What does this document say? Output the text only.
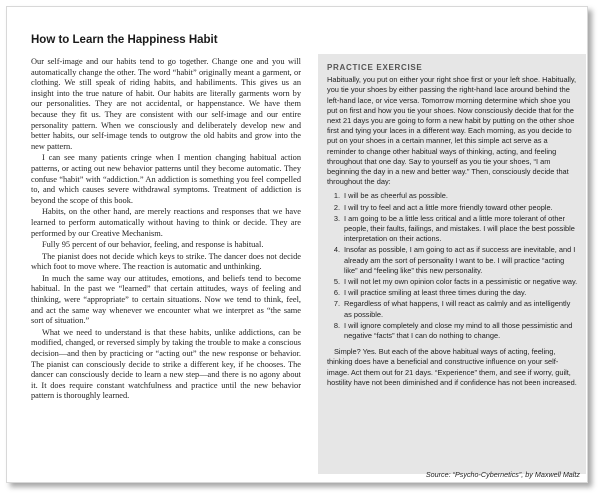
How to Learn the Happiness Habit

Our self-image and our habits tend to go together. Change one and you will automatically change the other. The word “habit” originally meant a garment, or clothing. We still speak of riding habits, and habiliments. This gives us an insight into the true nature of habit. Our habits are literally garments worn by our personalities. They are not accidental, or happenstance. We have them because they fit us. They are consistent with our self-image and our entire personality pattern. When we consciously and deliberately develop new and better habits, our self-image tends to outgrow the old habits and grow into the new pattern.

I can see many patients cringe when I mention changing habitual action patterns, or acting out new behavior patterns until they become automatic. They confuse “habit” with “addiction.” An addiction is something you feel compelled to, and which causes severe withdrawal symptoms. Treatment of addiction is beyond the scope of this book.

Habits, on the other hand, are merely reactions and responses that we have learned to perform automatically without having to think or decide. They are performed by our Creative Mechanism.

Fully 95 percent of our behavior, feeling, and response is habitual.

The pianist does not decide which keys to strike. The dancer does not decide which foot to move where. The reaction is automatic and unthinking.

In much the same way our attitudes, emotions, and beliefs tend to become habitual. In the past we “learned” that certain attitudes, ways of feeling and thinking, were “appropriate” to certain situations. Now we tend to think, feel, and act the same way whenever we encounter what we interpret as “the same sort of situation.”

What we need to understand is that these habits, unlike addictions, can be modified, changed, or reversed simply by taking the trouble to make a conscious decision—and then by practicing or “acting out” the new response or behavior. The pianist can consciously decide to strike a different key, if he chooses. The dancer can consciously decide to learn a new step—and there is no agony about it. It does require constant watchfulness and practice until the new behavior pattern is thoroughly learned.

PRACTICE EXERCISE
Habitually, you put on either your right shoe first or your left shoe. Habitually, you tie your shoes by either passing the right-hand lace around behind the left-hand lace, or vice versa. Tomorrow morning determine which shoe you put on first and how you tie your shoes. Now consciously decide that for the next 21 days you are going to form a new habit by putting on the other shoe first and tying your laces in a different way. Each morning, as you decide to put on your shoes in a certain manner, let this simple act serve as a reminder to change other habitual ways of thinking, acting, and feeling throughout that one day. Say to yourself as you tie your shoes, “I am beginning the day in a new and better way.” Then, consciously decide that throughout the day:
1. I will be as cheerful as possible.
2. I will try to feel and act a little more friendly toward other people.
3. I am going to be a little less critical and a little more tolerant of other people, their faults, failings, and mistakes. I will place the best possible interpretation on their actions.
4. Insofar as possible, I am going to act as if success are inevitable, and I already am the sort of personality I want to be. I will practice “acting like” and “feeling like” this new personality.
5. I will not let my own opinion color facts in a pessimistic or negative way.
6. I will practice smiling at least three times during the day.
7. Regardless of what happens, I will react as calmly and as intelligently as possible.
8. I will ignore completely and close my mind to all those pessimistic and negative “facts” that I can do nothing to change.
Simple? Yes. But each of the above habitual ways of acting, feeling, thinking does have a beneficial and constructive influence on your self-image. Act them out for 21 days. “Experience” them, and see if worry, guilt, hostility have not been diminished and if confidence has not been increased.
Source: “Psycho-Cybernetics”, by Maxwell Maltz
